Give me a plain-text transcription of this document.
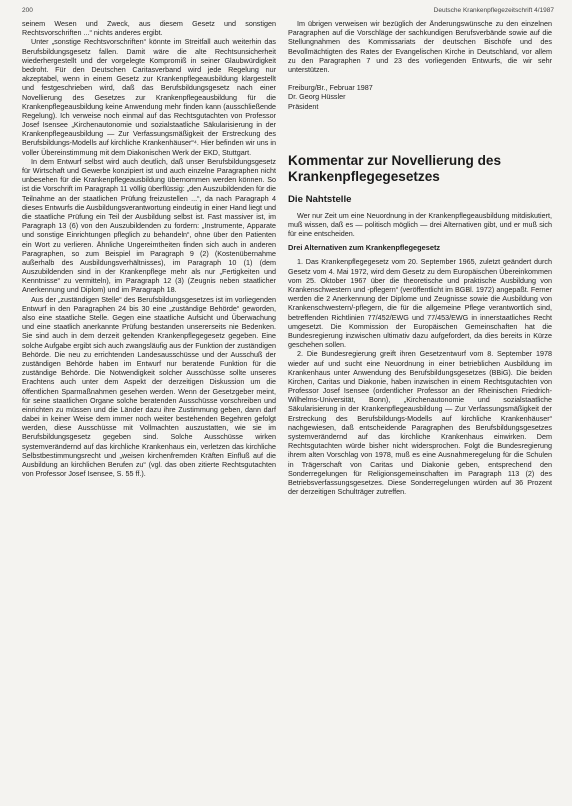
200	Deutsche Krankenpflegezeitschrift 4/1987

seinem Wesen und Zweck, aus diesem Gesetz und sonstigen Rechtsvorschriften ...“ nichts anderes ergibt.

Unter „sonstige Rechtsvorschriften“ könnte im Streitfall auch weiterhin das Berufsbildungsgesetz fallen. Damit wäre die alte Rechtsunsicherheit wiederhergestellt und der vorgelegte Kompromiß in seiner Glaubwürdigkeit bedroht. Für den Deutschen Caritasverband wird jede Regelung nur akzeptabel, wenn in einem Gesetz zur Krankenpflegeausbildung klargestellt und festgeschrieben wird, daß das Berufsbildungsgesetz nach einer Novellierung des Gesetzes zur Krankenpflegeausbildung für die Krankenpflegeausbildung keine Anwendung mehr finden kann (ausschließende Regelung). Ich verweise noch einmal auf das Rechtsgutachten von Professor Josef Isensee „Kirchenautonomie und sozialstaatliche Säkularisierung in der Krankenpflegeausbildung — Zur Verfassungsmäßigkeit der Erstreckung des Berufsbildungs-Modells auf kirchliche Krankenhäuser“⁴. Hier befinden wir uns in voller Übereinstimmung mit dem Diakonischen Werk der EKD, Stuttgart.

In dem Entwurf selbst wird auch deutlich, daß unser Berufsbildungsgesetz für Wirtschaft und Gewerbe konzipiert ist und auch einzelne Paragraphen nicht unbesehen für die Krankenpflegeausbildung übernommen werden können. So ist die Vorschrift im Paragraph 11 völlig überflüssig: „den Auszubildenden für die Teilnahme an der staatlichen Prüfung freizustellen ...“, da nach Paragraph 4 dieses Entwurfs die Ausbildungsverantwortung eindeutig in einer Hand liegt und die staatliche Prüfung ein Teil der Ausbildung selbst ist. Fast massiver ist, im Paragraph 13 (6) von den Auszubildenden zu fordern: „Instrumente, Apparate und sonstige Einrichtungen pfleglich zu behandeln“, ohne über den Patienten ein Wort zu verlieren. Ähnliche Ungereimtheiten finden sich auch in anderen Paragraphen, so zum Beispiel im Paragraph 9 (2) (Kostenübernahme außerhalb des Ausbildungsverhältnisses), im Paragraph 10 (1) (dem Auszubildenden sind in der Krankenpflege mehr als nur „Fertigkeiten und Kenntnisse“ zu vermitteln), im Paragraph 12 (3) (Zeugnis neben staatlicher Anerkennung und Diplom) und im Paragraph 18.

Aus der „zuständigen Stelle“ des Berufsbildungsgesetzes ist im vorliegenden Entwurf in den Paragraphen 24 bis 30 eine „zuständige Behörde“ geworden, also eine staatliche Stelle. Gegen eine staatliche Aufsicht und Überwachung und eine staatlich anerkannte Prüfung bestanden unsererseits nie Bedenken. Sie sind auch in dem derzeit geltenden Krankenpflegegesetz gegeben. Eine solche Aufgabe ergibt sich auch zwangsläufig aus der Funktion der zuständigen Behörde. Die neu zu errichtenden Landesausschüsse und der Ausschuß der zuständigen Behörde haben im Entwurf nur beratende Funktion für die zuständige Behörde. Die Notwendigkeit solcher Ausschüsse sollte unseres Erachtens auch unter dem Aspekt der derzeitigen Diskussion um die öffentlichen Sparmaßnahmen gesehen werden. Wenn der Gesetzgeber meint, für seine staatlichen Organe solche beratenden Ausschüsse vorschreiben und einrichten zu müssen und die Länder dazu ihre Zustimmung geben, dann darf dabei in keiner Weise dem immer noch weiter bestehenden Begehren gefolgt werden, diese Ausschüsse mit Vollmachten auszustatten, wie sie im Berufsbildungsgesetz gegeben sind. Solche Ausschüsse wirken systemverändernd auf das kirchliche Krankenhaus ein, verletzen das kirchliche Selbstbestimmungsrecht und „weisen kirchenfremden Kräften Einfluß auf die Ausbildung an kirchlichen Berufen zu“ (vgl. das oben zitierte Rechtsgutachten von Professor Josef Isensee, S. 55 ff.).

Im übrigen verweisen wir bezüglich der Änderungswünsche zu den einzelnen Paragraphen auf die Vorschläge der sachkundigen Berufsverbände sowie auf die Stellungnahmen des Kommissariats der deutschen Bischöfe und des Bevollmächtigten des Rates der Evangelischen Kirche in Deutschland, vor allem zu den Paragraphen 7 und 23 des vorliegenden Entwurfs, die wir sehr unterstützen.

Freiburg/Br., Februar 1987

Dr. Georg Hüssler

Präsident

Kommentar zur Novellierung des Krankenpflegegesetzes
Die Nahtstelle

Wer nur Zeit um eine Neuordnung in der Krankenpflegeausbildung mitdiskutiert, muß wissen, daß es — politisch möglich — drei Alternativen gibt, und er muß sich für eine entscheiden.

Drei Alternativen zum Krankenpflegegesetz

1. Das Krankenpflegegesetz vom 20. September 1965, zuletzt geändert durch Gesetz vom 4. Mai 1972, wird dem Gesetz zu dem Europäischen Übereinkommen vom 25. Oktober 1967 über die theoretische und praktische Ausbildung von Krankenschwestern und -pflegern“ (veröffentlicht im BGBl. 1972) angepaßt. Ferner werden die 2 Anerkennung der Diplome und Zeugnisse sowie die Ausbildung von Krankenschwestern/-pflegern, die für die allgemeine Pflege verantwortlich sind, betreffenden Richtlinien 77/452/EWG und 77/453/EWG in innerstaatliches Recht umgesetzt. Die Kommission der Europäischen Gemeinschaften hat die Bundesregierung inzwischen ultimativ dazu aufgefordert, da dies bereits in Kürze geschehen sollen.

2. Die Bundesregierung greift ihren Gesetzentwurf vom 8. September 1978 wieder auf und sucht eine Neuordnung in einer betrieblichen Ausbildung im Krankenhaus unter Anwendung des Berufsbildungsgesetzes (BBiG). Die beiden Kirchen, Caritas und Diakonie, haben inzwischen in einem Rechtsgutachten von Professor Josef Isensee (ordentlicher Professor an der Rheinischen Friedrich-Wilhelms-Universität, Bonn), „Kirchenautonomie und sozialstaatliche Säkularisierung in der Krankenpflegeausbildung — Zur Verfassungsmäßigkeit der Erstreckung des Berufsbildungs-Modells auf kirchliche Krankenhäuser“ nachgewiesen, daß entscheidende Paragraphen des Berufsbildungsgesetzes systemverändernd auf das kirchliche Krankenhaus einwirken. Dem Rechtsgutachten würde bisher nicht widersprochen. Folgt die Bundesregierung ihrem alten Vorschlag von 1978, muß es eine Ausnahmeregelung für die Schulen in Trägerschaft von Caritas und Diakonie geben, entsprechend den Sonderregelungen für Religionsgemeinschaften im Paragraph 113 (2) des Betriebsverfassungsgesetzes. Diese Sonderregelungen würden auf 36 Prozent der derzeitigen Schulträger zutreffen.
